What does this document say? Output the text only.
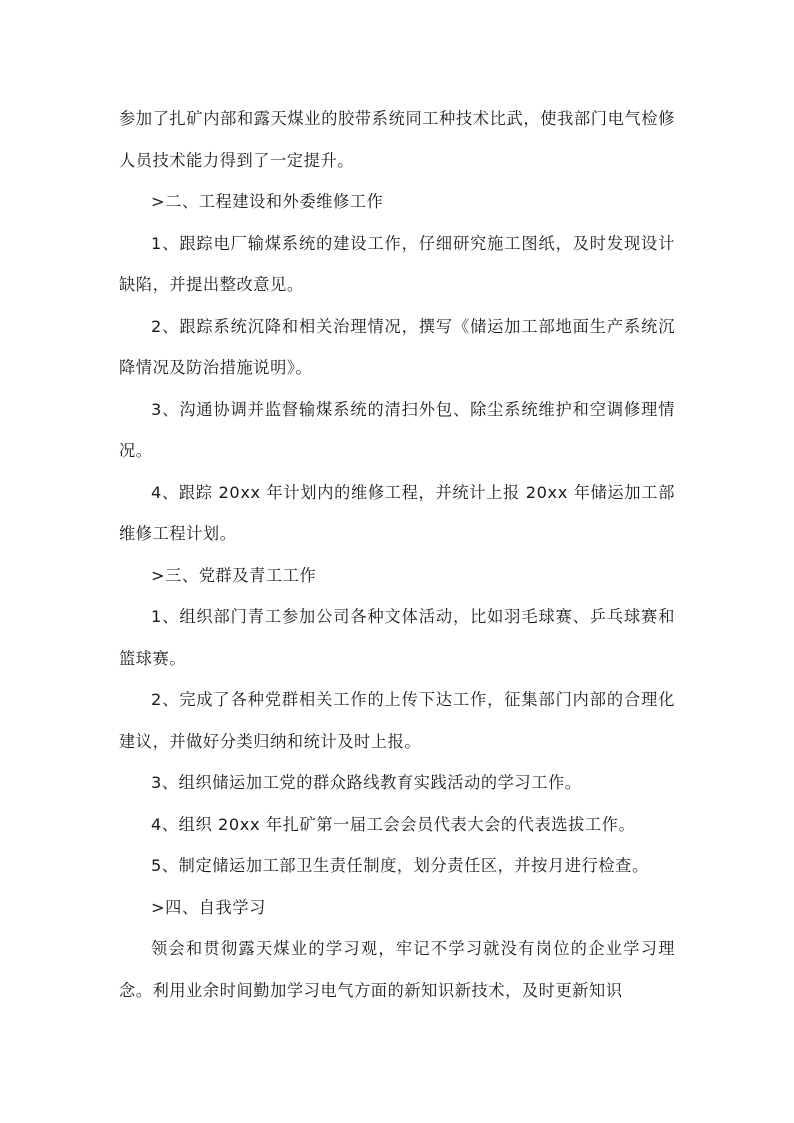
参加了扎矿内部和露天煤业的胶带系统同工种技术比武，使我部门电气检修人员技术能力得到了一定提升。

>二、工程建设和外委维修工作

1、跟踪电厂输煤系统的建设工作，仔细研究施工图纸，及时发现设计缺陷，并提出整改意见。

2、跟踪系统沉降和相关治理情况，撰写《储运加工部地面生产系统沉降情况及防治措施说明》。

3、沟通协调并监督输煤系统的清扫外包、除尘系统维护和空调修理情况。

4、跟踪 20xx 年计划内的维修工程，并统计上报 20xx 年储运加工部维修工程计划。

>三、党群及青工工作

1、组织部门青工参加公司各种文体活动，比如羽毛球赛、乒乓球赛和篮球赛。

2、完成了各种党群相关工作的上传下达工作，征集部门内部的合理化建议，并做好分类归纳和统计及时上报。

3、组织储运加工党的群众路线教育实践活动的学习工作。

4、组织 20xx 年扎矿第一届工会会员代表大会的代表选拔工作。

5、制定储运加工部卫生责任制度，划分责任区，并按月进行检查。

>四、自我学习

领会和贯彻露天煤业的学习观，牢记不学习就没有岗位的企业学习理念。利用业余时间勤加学习电气方面的新知识新技术，及时更新知识
